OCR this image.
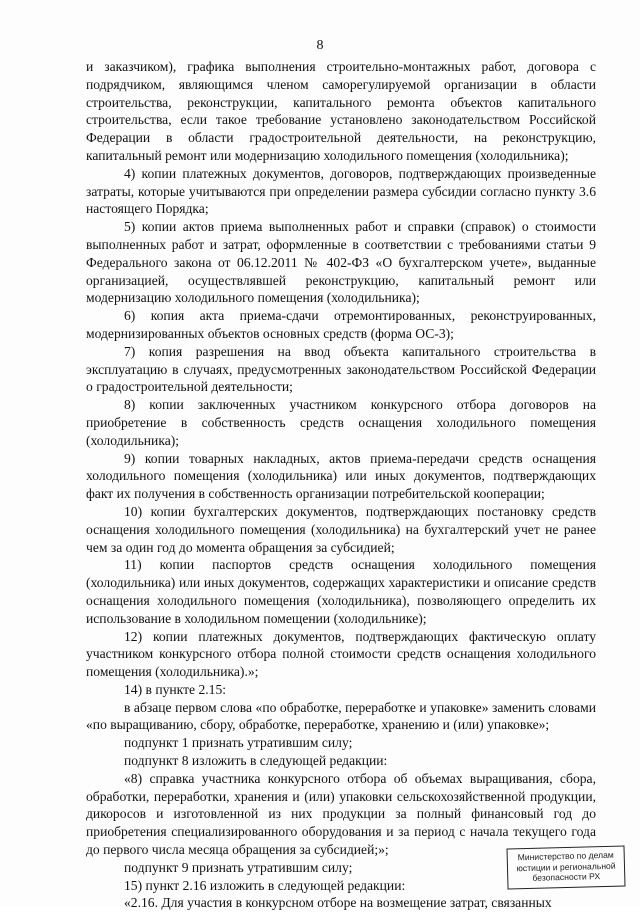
8

и заказчиком), графика выполнения строительно-монтажных работ, договора с подрядчиком, являющимся членом саморегулируемой организации в области строительства, реконструкции, капитального ремонта объектов капитального строительства, если такое требование установлено законодательством Российской Федерации в области градостроительной деятельности, на реконструкцию, капитальный ремонт или модернизацию холодильного помещения (холодильника);

4) копии платежных документов, договоров, подтверждающих произведенные затраты, которые учитываются при определении размера субсидии согласно пункту 3.6 настоящего Порядка;

5) копии актов приема выполненных работ и справки (справок) о стоимости выполненных работ и затрат, оформленные в соответствии с требованиями статьи 9 Федерального закона от 06.12.2011 № 402-ФЗ «О бухгалтерском учете», выданные организацией, осуществлявшей реконструкцию, капитальный ремонт или модернизацию холодильного помещения (холодильника);

6) копия акта приема-сдачи отремонтированных, реконструированных, модернизированных объектов основных средств (форма ОС-3);

7) копия разрешения на ввод объекта капитального строительства в эксплуатацию в случаях, предусмотренных законодательством Российской Федерации о градостроительной деятельности;

8) копии заключенных участником конкурсного отбора договоров на приобретение в собственность средств оснащения холодильного помещения (холодильника);

9) копии товарных накладных, актов приема-передачи средств оснащения холодильного помещения (холодильника) или иных документов, подтверждающих факт их получения в собственность организации потребительской кооперации;

10) копии бухгалтерских документов, подтверждающих постановку средств оснащения холодильного помещения (холодильника) на бухгалтерский учет не ранее чем за один год до момента обращения за субсидией;

11) копии паспортов средств оснащения холодильного помещения (холодильника) или иных документов, содержащих характеристики и описание средств оснащения холодильного помещения (холодильника), позволяющего определить их использование в холодильном помещении (холодильнике);

12) копии платежных документов, подтверждающих фактическую оплату участником конкурсного отбора полной стоимости средств оснащения холодильного помещения (холодильника).»;

14) в пункте 2.15:

в абзаце первом слова «по обработке, переработке и упаковке» заменить словами «по выращиванию, сбору, обработке, переработке, хранению и (или) упаковке»;

подпункт 1 признать утратившим силу;

подпункт 8 изложить в следующей редакции:

«8) справка участника конкурсного отбора об объемах выращивания, сбора, обработки, переработки, хранения и (или) упаковки сельскохозяйственной продукции, дикоросов и изготовленной из них продукции за полный финансовый год до приобретения специализированного оборудования и за период с начала текущего года до первого числа месяца обращения за субсидией;»;

подпункт 9 признать утратившим силу;

15) пункт 2.16 изложить в следующей редакции:

«2.16. Для участия в конкурсном отборе на возмещение затрат, связанных

Министерство по делам
юстиции и региональной
безопасности РХ
